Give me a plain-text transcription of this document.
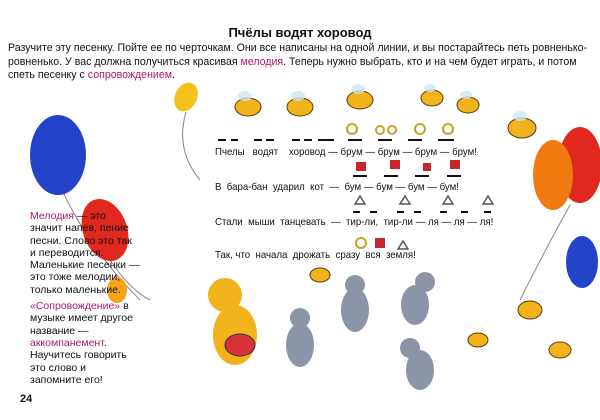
Пчёлы водят хоровод
Разучите эту песенку. Пойте ее по черточкам. Они все написаны на одной линии, и вы постарайтесь петь ровненько-ровненько. У вас должна получиться красивая мелодия. Теперь нужно выбрать, кто и на чем будет играть, и потом спеть песенку с сопровождением.
Пчелы   водят    хоровод — брум — брум — брум — брум!
В  бара-бан  ударил  кот  —  бум — бум — бум — бум!
Стали  мыши  танцевать  —  тир-ли,  тир-ли — ля — ля — ля!
Так, что  начала  дрожать  сразу  вся  земля!

Мелодия — это значит напев, пение песни. Слово это так и переводится. Маленькие песенки — это тоже мелодии, только маленькие.

«Сопровождение» в музыке имеет другое название — аккомпанемент. Научитесь говорить это слово и запомните его!

24
